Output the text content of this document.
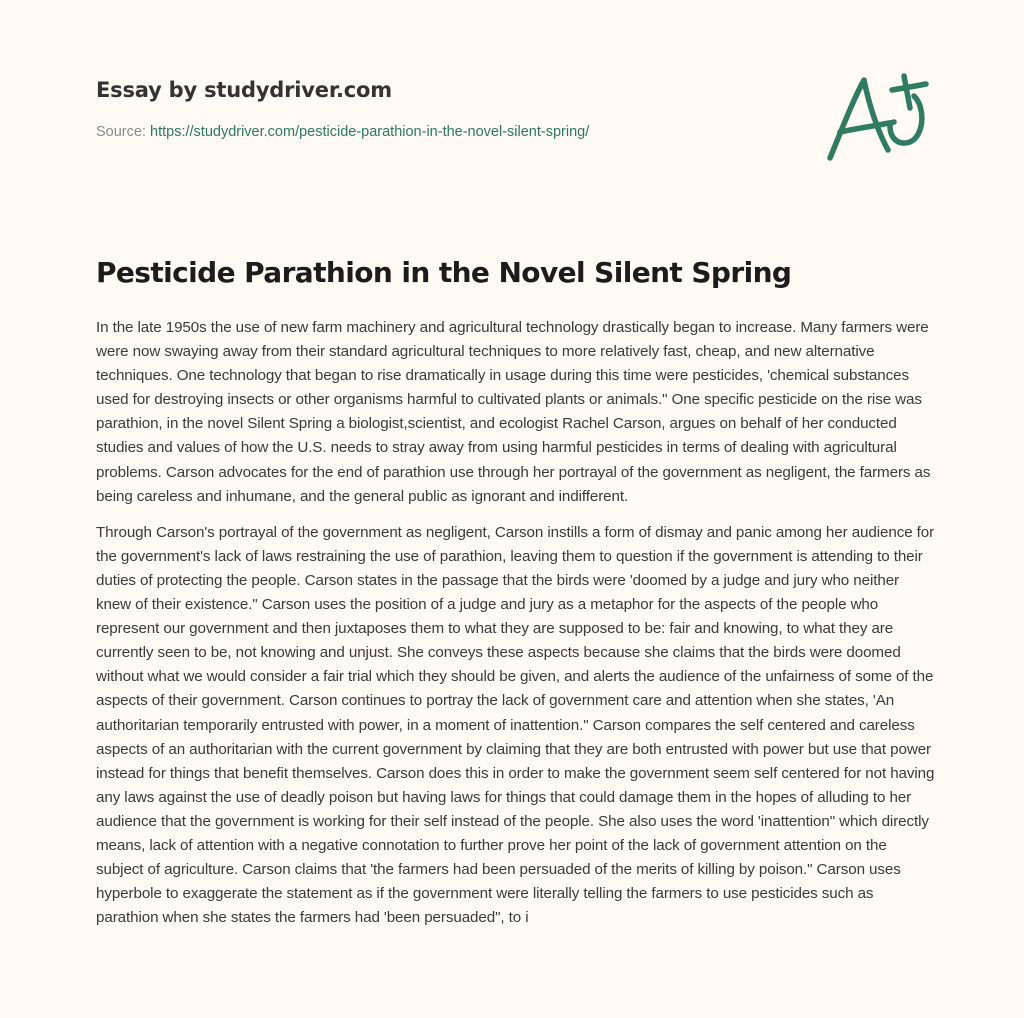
Essay by studydriver.com
Source: https://studydriver.com/pesticide-parathion-in-the-novel-silent-spring/
Pesticide Parathion in the Novel Silent Spring

In the late 1950s the use of new farm machinery and agricultural technology drastically began to increase. Many farmers were were now swaying away from their standard agricultural techniques to more relatively fast, cheap, and new alternative techniques. One technology that began to rise dramatically in usage during this time were pesticides, 'chemical substances used for destroying insects or other organisms harmful to cultivated plants or animals." One specific pesticide on the rise was parathion, in the novel Silent Spring a biologist,scientist, and ecologist Rachel Carson, argues on behalf of her conducted studies and values of how the U.S. needs to stray away from using harmful pesticides in terms of dealing with agricultural problems. Carson advocates for the end of parathion use through her portrayal of the government as negligent, the farmers as being careless and inhumane, and the general public as ignorant and indifferent.

Through Carson's portrayal of the government as negligent, Carson instills a form of dismay and panic among her audience for the government's lack of laws restraining the use of parathion, leaving them to question if the government is attending to their duties of protecting the people. Carson states in the passage that the birds were 'doomed by a judge and jury who neither knew of their existence." Carson uses the position of a judge and jury as a metaphor for the aspects of the people who represent our government and then juxtaposes them to what they are supposed to be: fair and knowing, to what they are currently seen to be, not knowing and unjust. She conveys these aspects because she claims that the birds were doomed without what we would consider a fair trial which they should be given, and alerts the audience of the unfairness of some of the aspects of their government. Carson continues to portray the lack of government care and attention when she states, 'An authoritarian temporarily entrusted with power, in a moment of inattention." Carson compares the self centered and careless aspects of an authoritarian with the current government by claiming that they are both entrusted with power but use that power instead for things that benefit themselves. Carson does this in order to make the government seem self centered for not having any laws against the use of deadly poison but having laws for things that could damage them in the hopes of alluding to her audience that the government is working for their self instead of the people. She also uses the word 'inattention" which directly means, lack of attention with a negative connotation to further prove her point of the lack of government attention on the subject of agriculture. Carson claims that 'the farmers had been persuaded of the merits of killing by poison." Carson uses hyperbole to exaggerate the statement as if the government were literally telling the farmers to use pesticides such as parathion when she states the farmers had 'been persuaded", to i
